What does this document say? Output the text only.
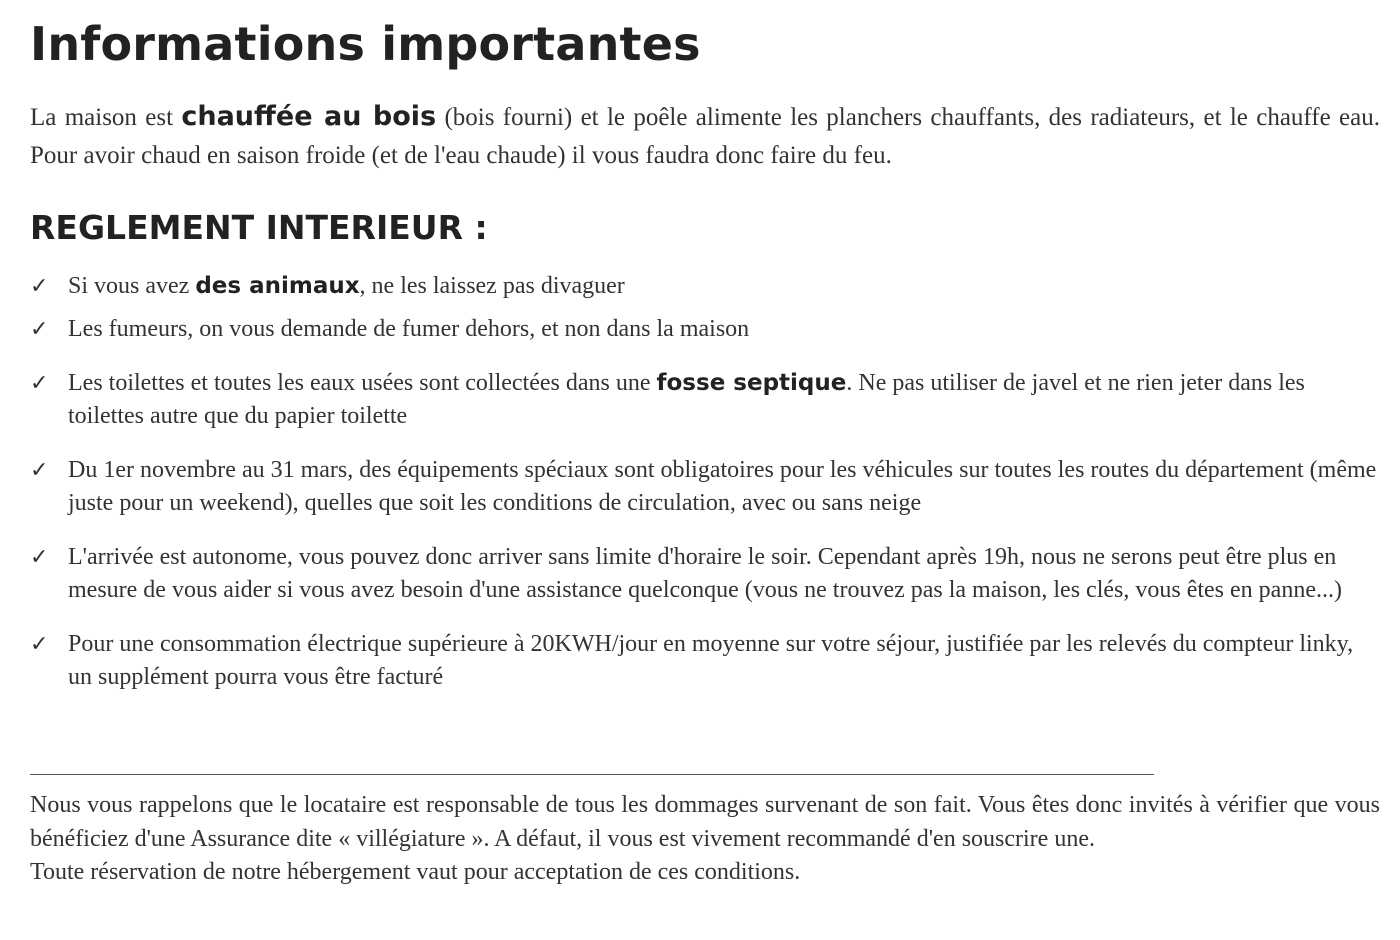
Informations importantes

La maison est chauffée au bois (bois fourni) et le poêle alimente les planchers chauffants, des radiateurs, et le chauffe eau. Pour avoir chaud en saison froide (et de l'eau chaude) il vous faudra donc faire du feu.

REGLEMENT INTERIEUR :
✓ Si vous avez des animaux, ne les laissez pas divaguer
✓ Les fumeurs, on vous demande de fumer dehors, et non dans la maison
✓ Les toilettes et toutes les eaux usées sont collectées dans une fosse septique. Ne pas utiliser de javel et ne rien jeter dans les toilettes autre que du papier toilette
✓ Du 1er novembre au 31 mars, des équipements spéciaux sont obligatoires pour les véhicules sur toutes les routes du département (même juste pour un weekend), quelles que soit les conditions de circulation, avec ou sans neige
✓ L'arrivée est autonome, vous pouvez donc arriver sans limite d'horaire le soir. Cependant après 19h, nous ne serons peut être plus en mesure de vous aider si vous avez besoin d'une assistance quelconque (vous ne trouvez pas la maison, les clés, vous êtes en panne...)
✓ Pour une consommation électrique supérieure à 20KWH/jour en moyenne sur votre séjour, justifiée par les relevés du compteur linky, un supplément pourra vous être facturé

Nous vous rappelons que le locataire est responsable de tous les dommages survenant de son fait. Vous êtes donc invités à vérifier que vous bénéficiez d'une Assurance dite « villégiature ». A défaut, il vous est vivement recommandé d'en souscrire une.

Toute réservation de notre hébergement vaut pour acceptation de ces conditions.
